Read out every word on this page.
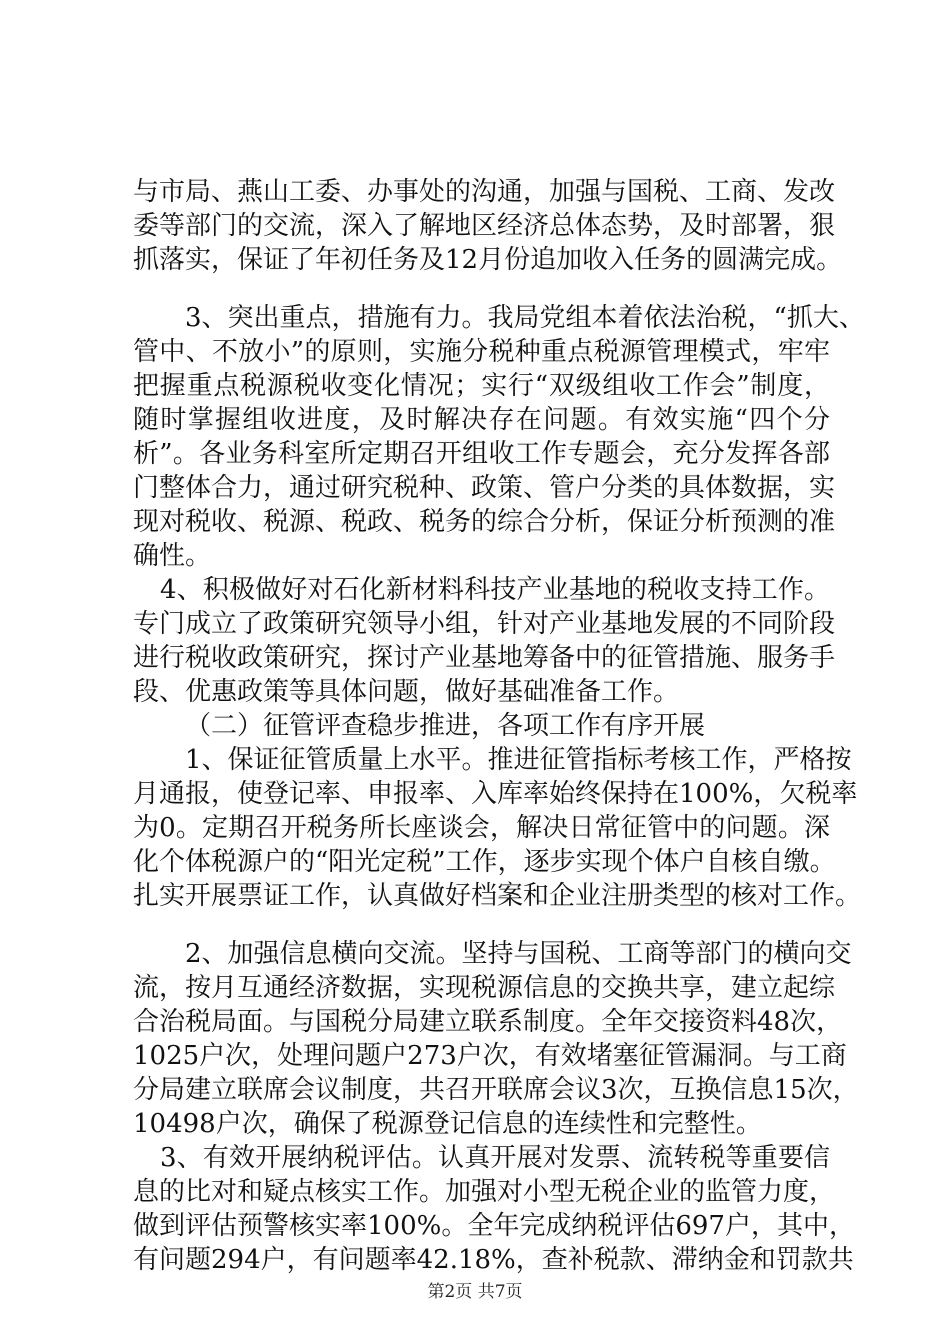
与市局、燕山工委、办事处的沟通，加强与国税、工商、发改
委等部门的交流，深入了解地区经济总体态势，及时部署，狠
抓落实，保证了年初任务及12月份追加收入任务的圆满完成。
3、突出重点，措施有力。我局党组本着依法治税，“抓大、
管中、不放小”的原则，实施分税种重点税源管理模式，牢牢
把握重点税源税收变化情况；实行“双级组收工作会”制度，
随时掌握组收进度，及时解决存在问题。有效实施“四个分
析”。各业务科室所定期召开组收工作专题会，充分发挥各部
门整体合力，通过研究税种、政策、管户分类的具体数据，实
现对税收、税源、税政、税务的综合分析，保证分析预测的准
确性。
4、积极做好对石化新材料科技产业基地的税收支持工作。
专门成立了政策研究领导小组，针对产业基地发展的不同阶段
进行税收政策研究，探讨产业基地筹备中的征管措施、服务手
段、优惠政策等具体问题，做好基础准备工作。
（二）征管评查稳步推进，各项工作有序开展
1、保证征管质量上水平。推进征管指标考核工作，严格按
月通报，使登记率、申报率、入库率始终保持在100%，欠税率
为0。定期召开税务所长座谈会，解决日常征管中的问题。深
化个体税源户的“阳光定税”工作，逐步实现个体户自核自缴。
扎实开展票证工作，认真做好档案和企业注册类型的核对工作。
2、加强信息横向交流。坚持与国税、工商等部门的横向交
流，按月互通经济数据，实现税源信息的交换共享，建立起综
合治税局面。与国税分局建立联系制度。全年交接资料48次，
1025户次，处理问题户273户次，有效堵塞征管漏洞。与工商
分局建立联席会议制度，共召开联席会议3次，互换信息15次，
10498户次，确保了税源登记信息的连续性和完整性。
3、有效开展纳税评估。认真开展对发票、流转税等重要信
息的比对和疑点核实工作。加强对小型无税企业的监管力度，
做到评估预警核实率100%。全年完成纳税评估697户，其中，
有问题294户，有问题率42.18%，查补税款、滞纳金和罚款共
第2页 共7页
